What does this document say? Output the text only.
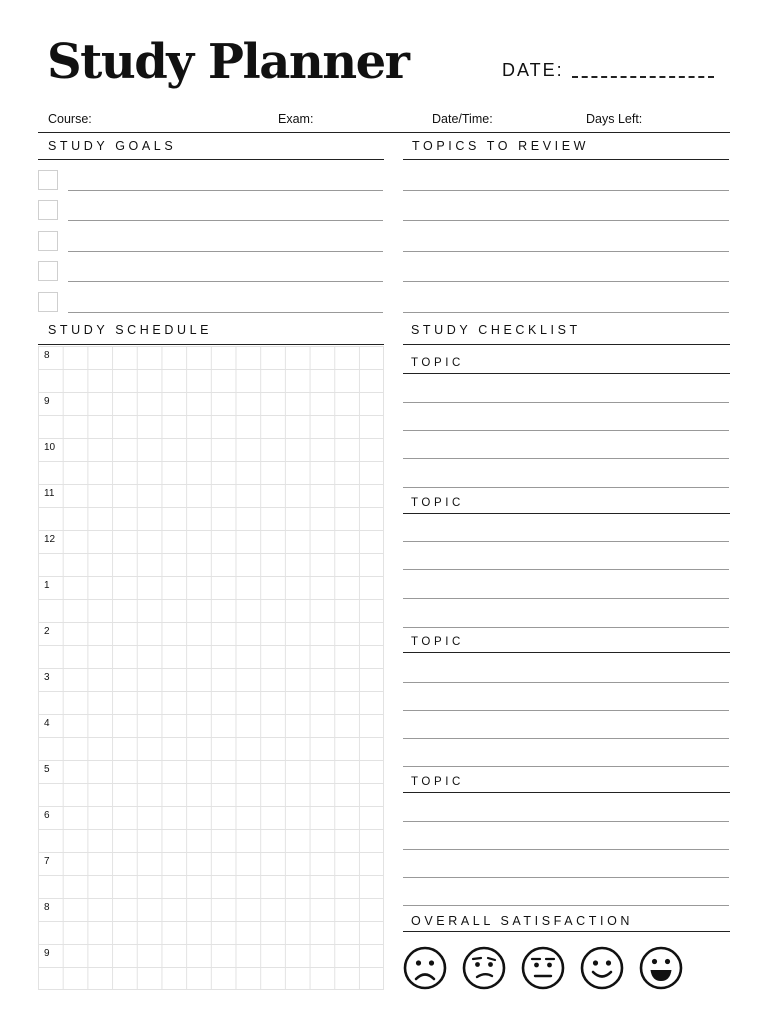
Study Planner	DATE:
Course:	Exam:	Date/Time:	Days Left:
STUDY GOALS	TOPICS TO REVIEW
STUDY SCHEDULE
8
9
10
11
12
1
2
3
4
5
6
7
8
9
STUDY CHECKLIST
TOPIC
TOPIC
TOPIC
TOPIC
OVERALL SATISFACTION
